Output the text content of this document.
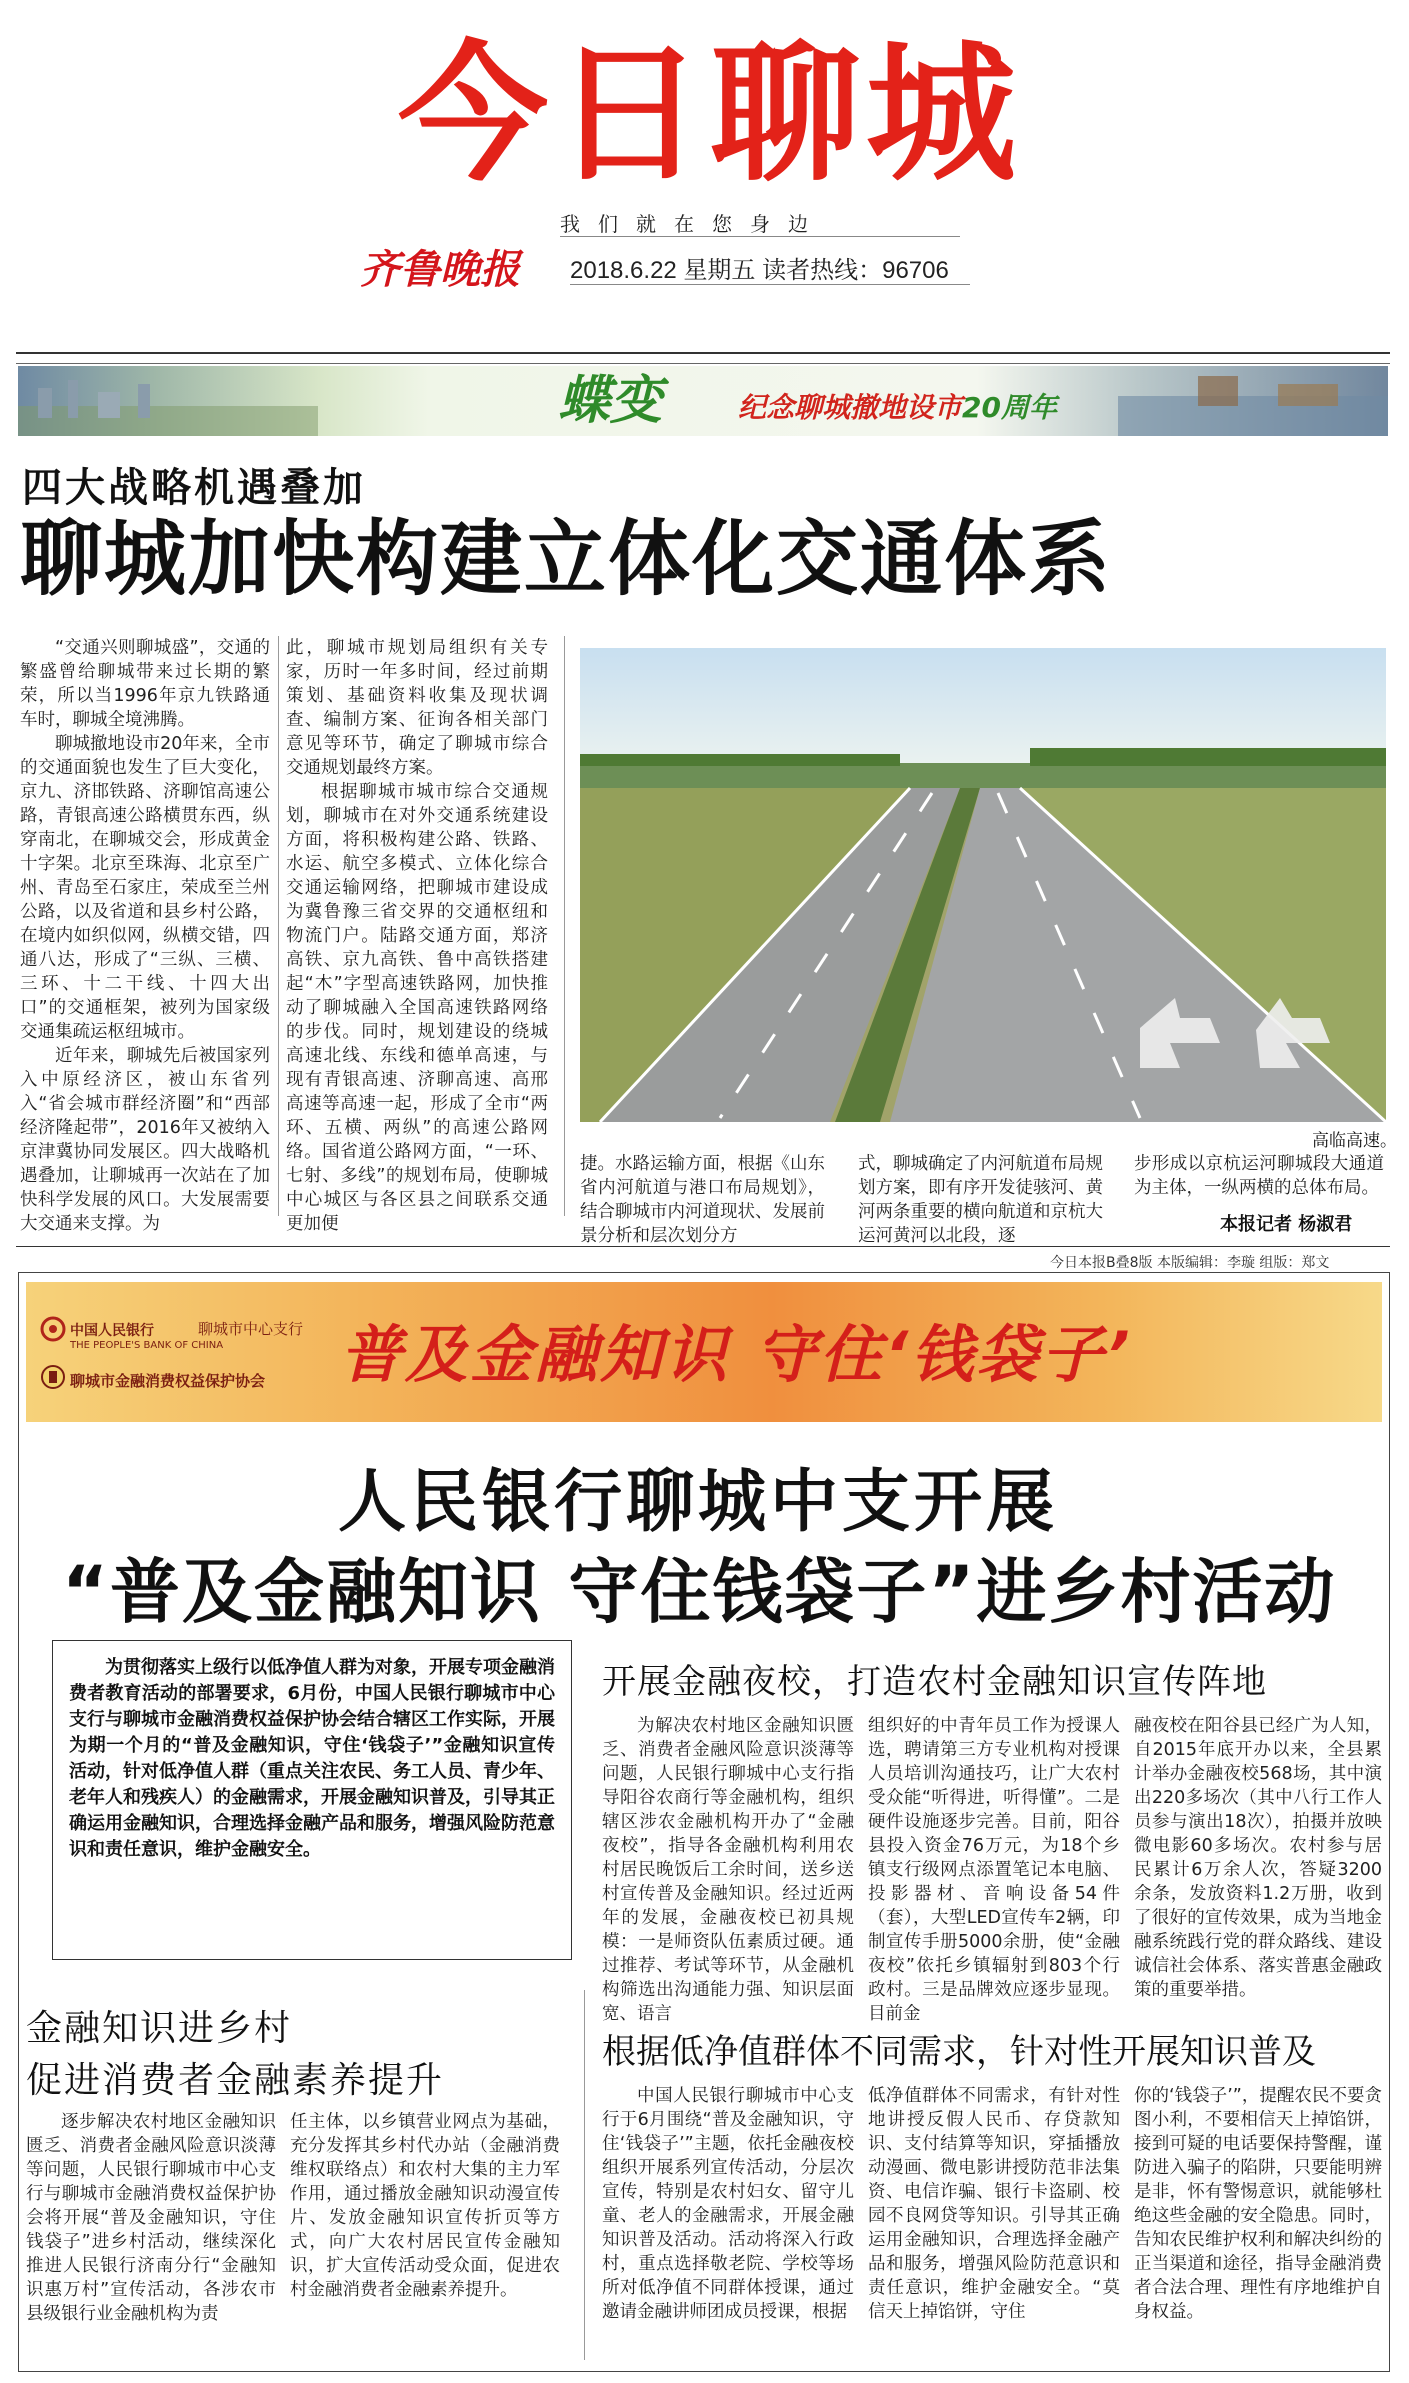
今日聊城
我们就在您身边
齐鲁晚报 2018.6.22 星期五 读者热线：96706
蝶变	纪念聊城撤地设市20周年
四大战略机遇叠加
聊城加快构建立体化交通体系

“交通兴则聊城盛”，交通的繁盛曾给聊城带来过长期的繁荣，所以当1996年京九铁路通车时，聊城全境沸腾。

聊城撤地设市20年来，全市的交通面貌也发生了巨大变化，京九、济邯铁路、济聊馆高速公路，青银高速公路横贯东西，纵穿南北，在聊城交会，形成黄金十字架。北京至珠海、北京至广州、青岛至石家庄，荣成至兰州公路，以及省道和县乡村公路，在境内如织似网，纵横交错，四通八达，形成了“三纵、三横、三环、十二干线、十四大出口”的交通框架，被列为国家级交通集疏运枢纽城市。

近年来，聊城先后被国家列入中原经济区，被山东省列入“省会城市群经济圈”和“西部经济隆起带”，2016年又被纳入京津冀协同发展区。四大战略机遇叠加，让聊城再一次站在了加快科学发展的风口。大发展需要大交通来支撑。为

此，聊城市规划局组织有关专家，历时一年多时间，经过前期策划、基础资料收集及现状调查、编制方案、征询各相关部门意见等环节，确定了聊城市综合交通规划最终方案。

根据聊城市城市综合交通规划，聊城市在对外交通系统建设方面，将积极构建公路、铁路、水运、航空多模式、立体化综合交通运输网络，把聊城市建设成为冀鲁豫三省交界的交通枢纽和物流门户。陆路交通方面，郑济高铁、京九高铁、鲁中高铁搭建起“木”字型高速铁路网，加快推动了聊城融入全国高速铁路网络的步伐。同时，规划建设的绕城高速北线、东线和德单高速，与现有青银高速、济聊高速、高邢高速等高速一起，形成了全市“两环、五横、两纵”的高速公路网络。国省道公路网方面，“一环、七射、多线”的规划布局，使聊城中心城区与各区县之间联系交通更加便

高临高速。
捷。水路运输方面，根据《山东省内河航道与港口布局规划》，结合聊城市内河道现状、发展前景分析和层次划分方
式，聊城确定了内河航道布局规划方案，即有序开发徒骇河、黄河两条重要的横向航道和京杭大运河黄河以北段，逐
步形成以京杭运河聊城段大通道为主体，一纵两横的总体布局。
本报记者 杨淑君
今日本报B叠8版 本版编辑：李璇 组版：郑文
中国人民银行
THE PEOPLE'S BANK OF CHINA
聊城市中心支行
聊城市金融消费权益保护协会 普及金融知识 守住‘钱袋子’
人民银行聊城中支开展
“普及金融知识 守住钱袋子”进乡村活动

为贯彻落实上级行以低净值人群为对象，开展专项金融消费者教育活动的部署要求，6月份，中国人民银行聊城市中心支行与聊城市金融消费权益保护协会结合辖区工作实际，开展为期一个月的“普及金融知识，守住‘钱袋子’”金融知识宣传活动，针对低净值人群（重点关注农民、务工人员、青少年、老年人和残疾人）的金融需求，开展金融知识普及，引导其正确运用金融知识，合理选择金融产品和服务，增强风险防范意识和责任意识，维护金融安全。

开展金融夜校，打造农村金融知识宣传阵地

为解决农村地区金融知识匮乏、消费者金融风险意识淡薄等问题，人民银行聊城中心支行指导阳谷农商行等金融机构，组织辖区涉农金融机构开办了“金融夜校”，指导各金融机构利用农村居民晚饭后工余时间，送乡送村宣传普及金融知识。经过近两年的发展，金融夜校已初具规模：一是师资队伍素质过硬。通过推荐、考试等环节，从金融机构筛选出沟通能力强、知识层面宽、语言

组织好的中青年员工作为授课人选，聘请第三方专业机构对授课人员培训沟通技巧，让广大农村受众能“听得进，听得懂”。二是硬件设施逐步完善。目前，阳谷县投入资金76万元，为18个乡镇支行级网点添置笔记本电脑、投影器材、音响设备54件（套），大型LED宣传车2辆，印制宣传手册5000余册，使“金融夜校”依托乡镇辐射到803个行政村。三是品牌效应逐步显现。目前金

融夜校在阳谷县已经广为人知，自2015年底开办以来，全县累计举办金融夜校568场，其中演出220多场次（其中八行工作人员参与演出18次），拍摄并放映微电影60多场次。农村参与居民累计6万余人次，答疑3200余条，发放资料1.2万册，收到了很好的宣传效果，成为当地金融系统践行党的群众路线、建设诚信社会体系、落实普惠金融政策的重要举措。

金融知识进乡村
促进消费者金融素养提升

逐步解决农村地区金融知识匮乏、消费者金融风险意识淡薄等问题，人民银行聊城市中心支行与聊城市金融消费权益保护协会将开展“普及金融知识，守住钱袋子”进乡村活动，继续深化推进人民银行济南分行“金融知识惠万村”宣传活动，各涉农市县级银行业金融机构为责

任主体，以乡镇营业网点为基础，充分发挥其乡村代办站（金融消费维权联络点）和农村大集的主力军作用，通过播放金融知识动漫宣传片、发放金融知识宣传折页等方式，向广大农村居民宣传金融知识，扩大宣传活动受众面，促进农村金融消费者金融素养提升。

根据低净值群体不同需求，针对性开展知识普及

中国人民银行聊城市中心支行于6月围绕“普及金融知识，守住‘钱袋子’”主题，依托金融夜校组织开展系列宣传活动，分层次宣传，特别是农村妇女、留守儿童、老人的金融需求，开展金融知识普及活动。活动将深入行政村，重点选择敬老院、学校等场所对低净值不同群体授课，通过邀请金融讲师团成员授课，根据

低净值群体不同需求，有针对性地讲授反假人民币、存贷款知识、支付结算等知识，穿插播放动漫画、微电影讲授防范非法集资、电信诈骗、银行卡盗刷、校园不良网贷等知识。引导其正确运用金融知识，合理选择金融产品和服务，增强风险防范意识和责任意识，维护金融安全。“莫信天上掉馅饼，守住

你的‘钱袋子’”，提醒农民不要贪图小利，不要相信天上掉馅饼，接到可疑的电话要保持警醒，谨防进入骗子的陷阱，只要能明辨是非，怀有警惕意识，就能够杜绝这些金融的安全隐患。同时，告知农民维护权利和解决纠纷的正当渠道和途径，指导金融消费者合法合理、理性有序地维护自身权益。
